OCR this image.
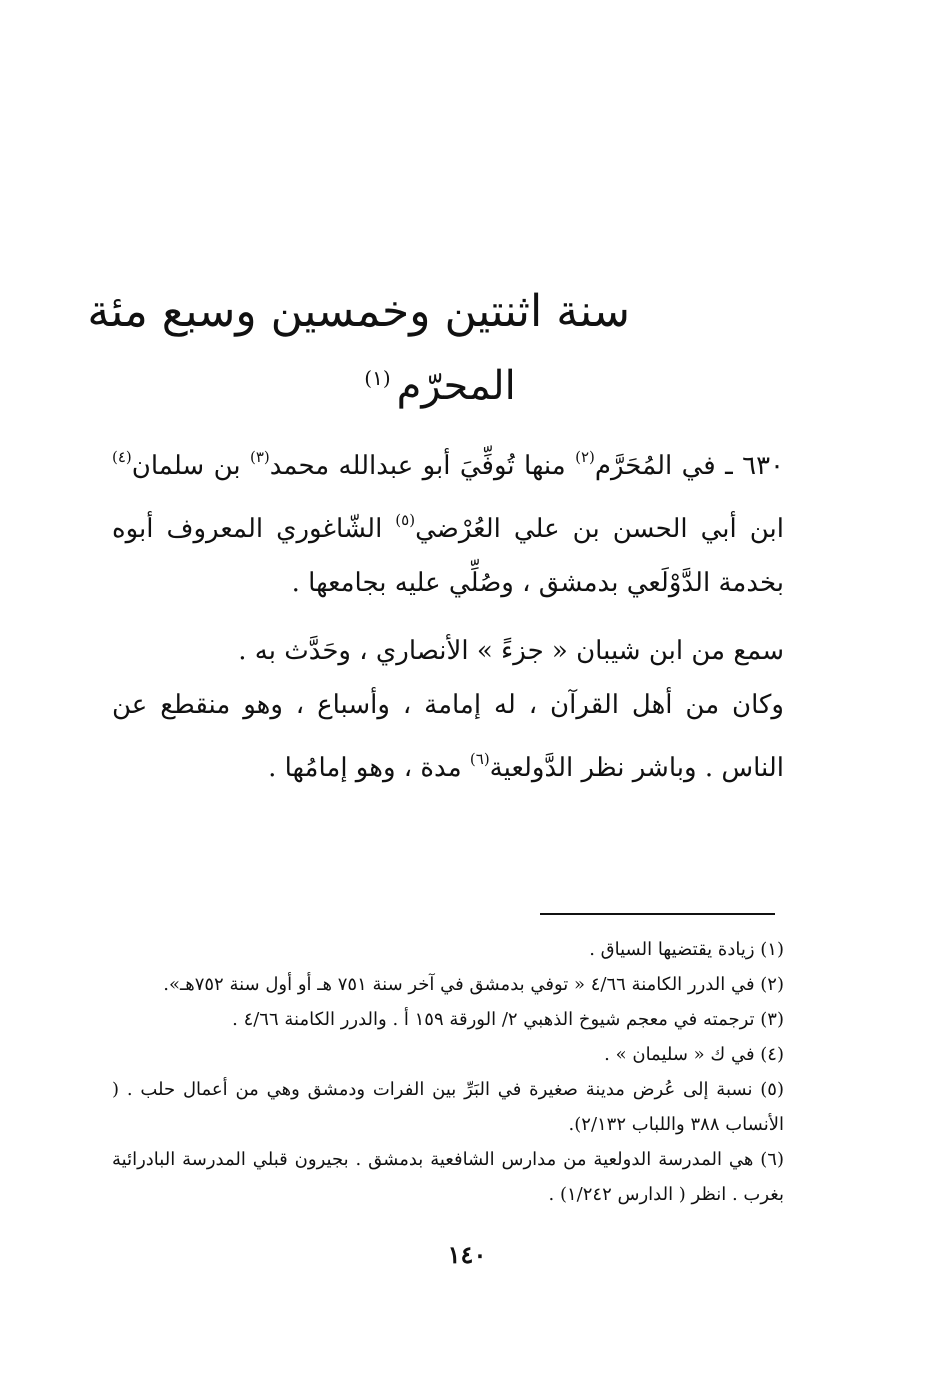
سنة اثنتين وخمسين وسبع مئة
المحرّم$^{(١)}$

٦٣٠ ـ في المُحَرَّم$^{(٢)}$ منها تُوفِّيَ أبو عبدالله محمد$^{(٣)}$ بن سلمان$^{(٤)}$ ابن أبي الحسن بن علي العُرْضي$^{(٥)}$ الشّاغوري المعروف أبوه بخدمة الدَّوْلَعي بدمشق ، وصُلِّي عليه بجامعها .

سمع من ابن شيبان « جزءً » الأنصاري ، وحَدَّث به .

وكان من أهل القرآن ، له إمامة ، وأسباع ، وهو منقطع عن الناس . وباشر نظر الدَّولعية$^{(٦)}$ مدة ، وهو إمامُها .

(١) زيادة يقتضيها السياق .

(٢) في الدرر الكامنة ٤/٦٦ « توفي بدمشق في آخر سنة ٧٥١ هـ أو أول سنة ٧٥٢هـ».

(٣) ترجمته في معجم شيوخ الذهبي ٢/ الورقة ١٥٩ أ . والدرر الكامنة ٤/٦٦ .

(٤) في ك « سليمان » .

(٥) نسبة إلى عُرض مدينة صغيرة في البَرِّ بين الفرات ودمشق وهي من أعمال حلب . ( الأنساب ٣٨٨ واللباب ٢/١٣٢).

(٦) هي المدرسة الدولعية من مدارس الشافعية بدمشق . بجيرون قبلي المدرسة البادرائية بغرب . انظر ( الدارس ١/٢٤٢) .

١٤٠
